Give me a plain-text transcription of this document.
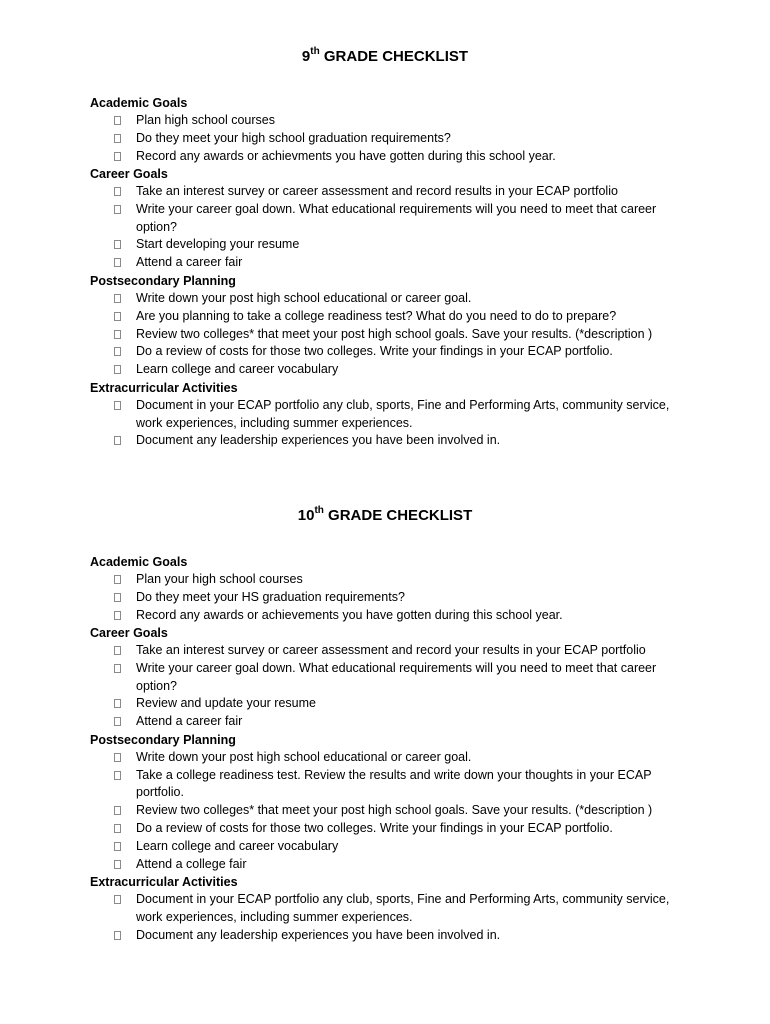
9th GRADE CHECKLIST
Academic Goals
Plan high school courses
Do they meet your high school graduation requirements?
Record any awards or achievments you have gotten during this school year.
Career Goals
Take an interest survey or career assessment and record results in your ECAP portfolio
Write your career goal down. What educational requirements will you need to meet that career option?
Start developing your resume
Attend a career fair
Postsecondary Planning
Write down your post high school educational or career goal.
Are you planning to take a college readiness test? What do you need to do to prepare?
Review two colleges* that meet your post high school goals. Save your results. (*description )
Do a review of costs for those two colleges. Write your findings in your ECAP portfolio.
Learn college and career vocabulary
Extracurricular Activities
Document in your ECAP portfolio any club, sports, Fine and Performing Arts, community service, work experiences, including summer experiences.
Document any leadership experiences you have been involved in.
10th GRADE CHECKLIST
Academic Goals
Plan your high school courses
Do they meet your HS graduation requirements?
Record any awards or achievements you have gotten during this school year.
Career Goals
Take an interest survey or career assessment and record your results in your ECAP portfolio
Write your career goal down. What educational requirements will you need to meet that career option?
Review and update your resume
Attend a career fair
Postsecondary Planning
Write down your post high school educational or career goal.
Take a college readiness test. Review the results and write down your thoughts in your ECAP portfolio.
Review two colleges* that meet your post high school goals. Save your results. (*description )
Do a review of costs for those two colleges. Write your findings in your ECAP portfolio.
Learn college and career vocabulary
Attend a college fair
Extracurricular Activities
Document in your ECAP portfolio any club, sports, Fine and Performing Arts, community service, work experiences, including summer experiences.
Document any leadership experiences you have been involved in.
